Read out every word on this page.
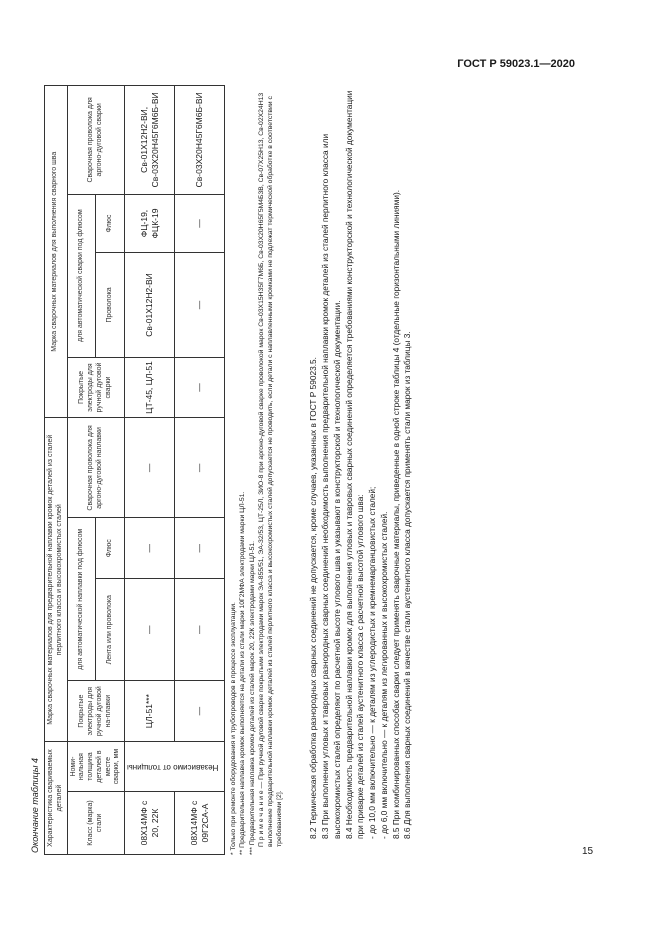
ГОСТ Р 59023.1—2020
Окончание таблицы 4 Характеристика свариваемых деталей		Марка сварочных материалов для предварительной наплавки кромок деталей из сталей перлитного класса и высокохромистых сталей				Марка сварочных материалов для выполнения сварного шва			
Класс (марка) стали	Номи-нальная толщина деталей в месте сварки, мм	Покрытые электроды для ручной дуговой на-плавки	для автоматической наплавки под флюсом		Сварочная проволока для аргоно-дуговой наплавки	Покрытые электроды для ручной дуговой сварки	для автоматической сварки под флюсом		Сварочная проволока для аргоно-дуговой сварки
			Лента или проволока	Флюс			Проволока	Флюс	
08Х14МФ с 20, 22К	Независимо от толщины	ЦЛ-51***	—	—	—	ЦТ-45, ЦЛ-51	Св-01Х12Н2-ВИ	ФЦ-19, ФЦК-19	Св-01Х12Н2-ВИ, Св-03Х20Н45Г6М6Б-ВИ
08Х14МФ с 09Г2СА-А		—	—	—	—	—	—	—	Св-03Х20Н45Г6М6Б-ВИ

* Только при ремонте оборудования и трубопроводов в процессе эксплуатации. ** Предварительная наплавка кромок выполняется на детали из стали марки 10Г2МФА электродами марки ЦЛ-51. *** Предварительная наплавка кромок деталей из сталей марок 20, 22К электродами марки ЦЛ-51. П р и м е ч а н и е — При ручной дуговой сварке покрытыми электродами марок ЭА-855/51, ЭА-32/53, ЦТ-25Л, ЗИО-8 при аргоно-дуговой сварке проволокой марок Св-03Х15Н35Г7М6Б, Св-03Х20Н65Г5М4Б3В, Св-07Х25Н13, Св-02Х24Н13 выполнение предварительной наплавки кромок деталей из сталей перлитного класса и высокохромистых сталей допускается не проводить, если детали с наплавленными кромками не подлежат термической обработке в соответствии с требованиями [2].	8.2 Термическая обработка разнородных сварных соединений не допускается, кроме случаев, указанных в ГОСТ Р 59023.5. 8.3 При выполнении угловых и тавровых разнородных сварных соединений необходимость выполнения предварительной наплавки кромок деталей из сталей перлитного класса или высокохромистых сталей определяют по расчетной высоте углового шва и указывают в конструкторской и технологической документации. 8.4 Необходимость предварительной наплавки кромок для выполнения угловых и тавровых сварных соединений определяется требованиями конструкторской и технологической документации при приварке деталей из сталей аустенитного класса с расчетной высотой углового шва: - до 10,0 мм включительно — к деталям из углеродистых и кремнемарганцовистых сталей; - до 6,0 мм включительно — к деталям из легированных и высокохромистых сталей. 8.5 При комбинированных способах сварки следует применять сварочные материалы, приведенные в одной строке таблицы 4 (отдельные горизонтальными линиями). 8.6 Для выполнения сварных соединений в качестве стали аустенитного класса допускается применять стали марок из таблицы 3.

15
